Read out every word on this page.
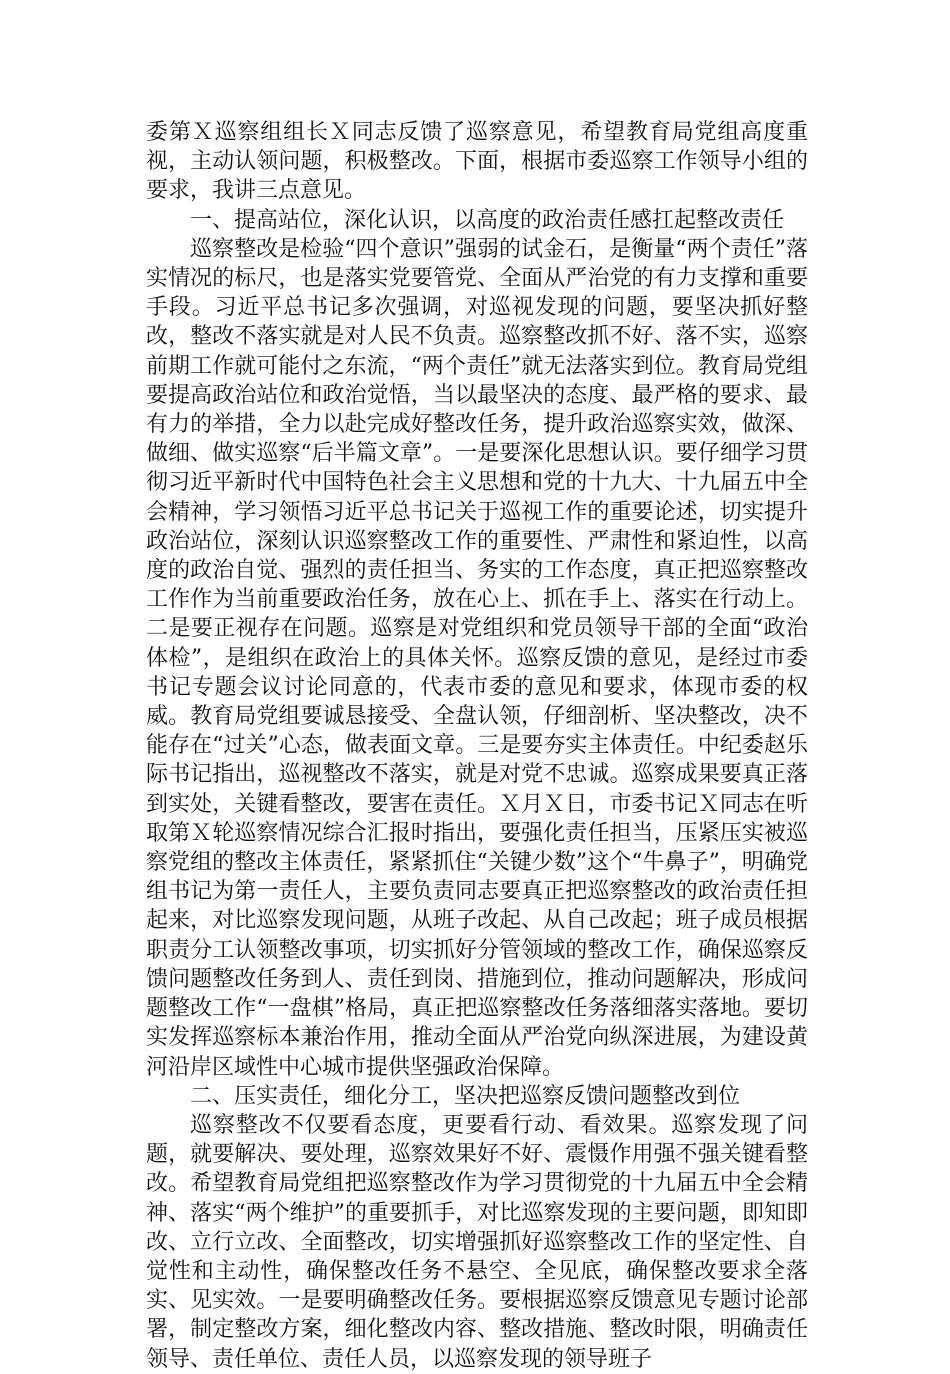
委第Ｘ巡察组组长Ｘ同志反馈了巡察意见，希望教育局党组高度重视，主动认领问题，积极整改。下面，根据市委巡察工作领导小组的要求，我讲三点意见。

一、提高站位，深化认识，以高度的政治责任感扛起整改责任

巡察整改是检验“四个意识”强弱的试金石，是衡量“两个责任”落实情况的标尺，也是落实党要管党、全面从严治党的有力支撑和重要手段。习近平总书记多次强调，对巡视发现的问题，要坚决抓好整改，整改不落实就是对人民不负责。巡察整改抓不好、落不实，巡察前期工作就可能付之东流，“两个责任”就无法落实到位。教育局党组要提高政治站位和政治觉悟，当以最坚决的态度、最严格的要求、最有力的举措，全力以赴完成好整改任务，提升政治巡察实效，做深、做细、做实巡察“后半篇文章”。一是要深化思想认识。要仔细学习贯彻习近平新时代中国特色社会主义思想和党的十九大、十九届五中全会精神，学习领悟习近平总书记关于巡视工作的重要论述，切实提升政治站位，深刻认识巡察整改工作的重要性、严肃性和紧迫性，以高度的政治自觉、强烈的责任担当、务实的工作态度，真正把巡察整改工作作为当前重要政治任务，放在心上、抓在手上、落实在行动上。二是要正视存在问题。巡察是对党组织和党员领导干部的全面“政治体检”，是组织在政治上的具体关怀。巡察反馈的意见，是经过市委书记专题会议讨论同意的，代表市委的意见和要求，体现市委的权威。教育局党组要诚恳接受、全盘认领，仔细剖析、坚决整改，决不能存在“过关”心态，做表面文章。三是要夯实主体责任。中纪委赵乐际书记指出，巡视整改不落实，就是对党不忠诚。巡察成果要真正落到实处，关键看整改，要害在责任。Ｘ月Ｘ日，市委书记Ｘ同志在听取第Ｘ轮巡察情况综合汇报时指出，要强化责任担当，压紧压实被巡察党组的整改主体责任，紧紧抓住“关键少数”这个“牛鼻子”，明确党组书记为第一责任人，主要负责同志要真正把巡察整改的政治责任担起来，对比巡察发现问题，从班子改起、从自己改起；班子成员根据职责分工认领整改事项，切实抓好分管领域的整改工作，确保巡察反馈问题整改任务到人、责任到岗、措施到位，推动问题解决，形成问题整改工作“一盘棋”格局，真正把巡察整改任务落细落实落地。要切实发挥巡察标本兼治作用，推动全面从严治党向纵深进展，为建设黄河沿岸区域性中心城市提供坚强政治保障。

二、压实责任，细化分工，坚决把巡察反馈问题整改到位

巡察整改不仅要看态度，更要看行动、看效果。巡察发现了问题，就要解决、要处理，巡察效果好不好、震慑作用强不强关键看整改。希望教育局党组把巡察整改作为学习贯彻党的十九届五中全会精神、落实“两个维护”的重要抓手，对比巡察发现的主要问题，即知即改、立行立改、全面整改，切实增强抓好巡察整改工作的坚定性、自觉性和主动性，确保整改任务不悬空、全见底，确保整改要求全落实、见实效。一是要明确整改任务。要根据巡察反馈意见专题讨论部署，制定整改方案，细化整改内容、整改措施、整改时限，明确责任领导、责任单位、责任人员，以巡察发现的领导班子
